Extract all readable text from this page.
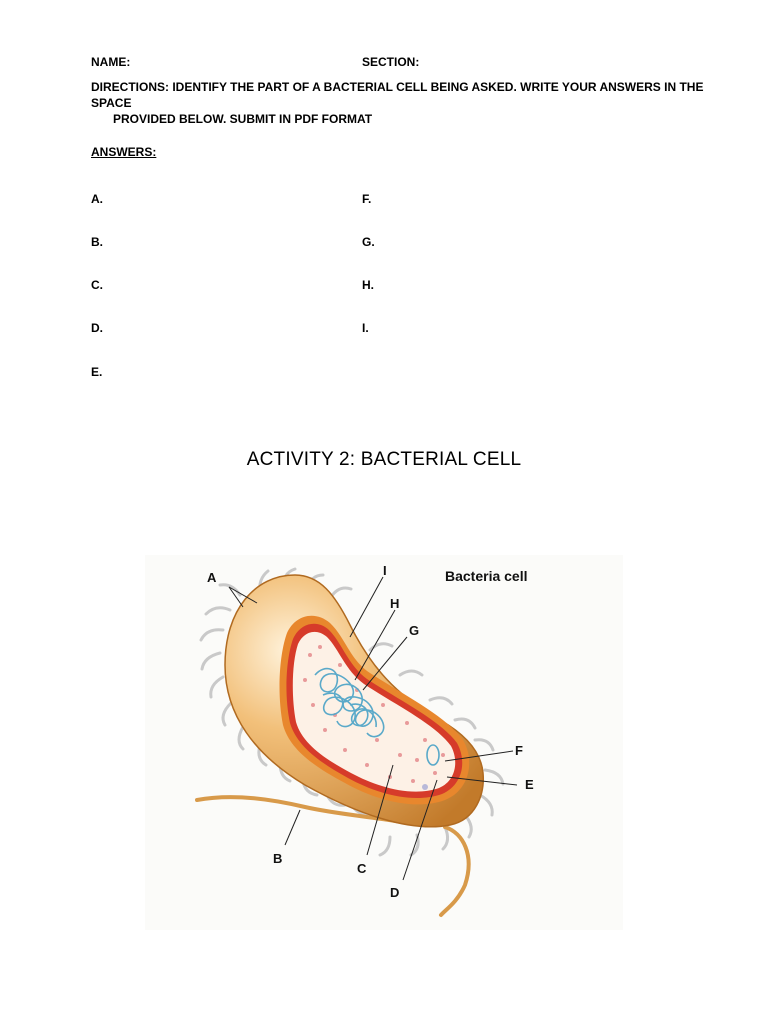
NAME:	SECTION:
DIRECTIONS: IDENTIFY THE PART OF A BACTERIAL CELL BEING ASKED. WRITE YOUR ANSWERS IN THE SPACE
PROVIDED BELOW. SUBMIT IN PDF FORMAT
ANSWERS:
A.
B.
C.
D.
E.
F.
G.
H.
I.
ACTIVITY 2: BACTERIAL CELL
A	I
H
G
F
E
B
C
D
Bacteria cell
